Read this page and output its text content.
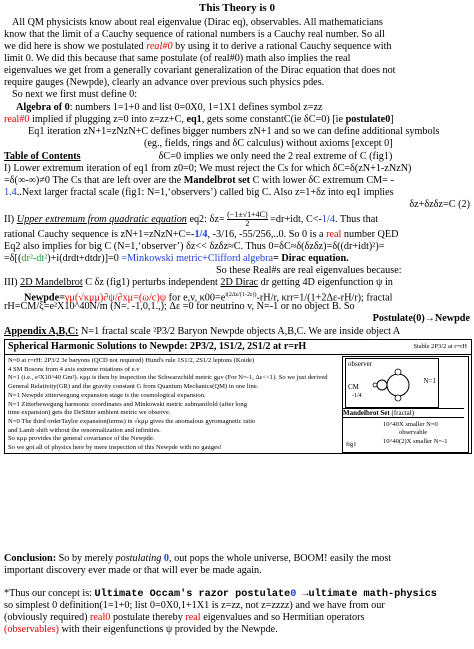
This Theory is 0
All QM physicists know about real eigenvalue (Dirac eq), observables. All mathematicians
know that the limit of a Cauchy sequence of rational numbers is a Cauchy real number. So all
we did here is show we postulated real#0 by using it to derive a rational Cauchy sequence with
limit 0. We did this because that same postulate (of real#0) math also implies the real
eigenvalues we get from a generally covariant generalization of the Dirac equation that does not
require gauges (Newpde), clearly an advance over previous such physics pdes.
So next we first must define 0:
Algebra of 0: numbers 1=1+0 and list 0=0X0, 1=1X1 defines symbol z=zz
real#0 implied if plugging z=0 into z=zz+C, eq1, gets some constantC(ie δC=0) [ie postulate0]
Eq1 iteration zN+1=zNzN+C defines bigger numbers zN+1 and so we can define additional symbols
(eg., fields, rings and δC calculus) without axioms [except 0]
Table of Contents	δC=0 implies we only need the 2 real extreme of C (fig1)
I) Lower extremum iteration of eq1 from z0=0; We must reject the Cs for which δC=δ(zN+1-zNzN)
=δ(∞-∞)≠0 The Cs that are left over are the Mandelbrot set C with lower δC extremum CM= -
1.4..Next larger fractal scale (fig1: N=1,‘observers’) called big C. Also z=1+δz into eq1 implies
δz+δzδz=C (2)
II) Upper extremum from quadratic equation eq2: $\delta z= \frac{(-1\pm√1+4C)}{2} =dr+idt$, C<-1/4. Thus that
rational Cauchy sequence is zN+1=zNzN+C=-1/4, -3/16, -55/256,..0. So 0 is a real number QED
Eq2 also implies for big C (N=1,‘observer’) δz<< δzδz≈C. Thus 0=δC≈δ(δzδz)=δ((dr+idt)²)=
=δ[(dr²-dt²)+i(drdt+dtdr)]=0 =Minkowski metric+Clifford algebra= Dirac equation.
So these Real#s are real eigenvalues because:
III) 2D Mandelbrot C δz (fig1) perturbs independent 2D Dirac dr getting 4D eigenfunction ψ in
Newpde=γμ(√κμμ)∂ψ/∂xμ=(ω/c)ψ for e,v, $\kappa 00=e^{i(2\Delta\varepsilon/(1-2\varepsilon))}-rH/r$, κrr=1/(1+2Δε-rH/r); fractal
rH=CM/ξ=e²X10^40N/m (N=. -1,0,1.,); Δε =0 for neutrino v, N=-1 or no object B. So
Postulate(0)→Newpde
Appendix A,B,C: N=1 fractal scale ²P3/2 Baryon Newpde objects A,B,C. We are inside object A
Spherical Harmonic Solutions to Newpde: 2P3/2, 1S1/2, 2S1/2 at r=rH	Stable 2P3/2 at r=rH
N=0 at r=rH: 2P3/2 3e baryons (QCD not required) Hund's rule 1S1/2, 2S1/2 leptons (Koide)
4 SM Bosons from 4 axis extreme rotations of e.v
N=1 (i.e., e²X10^40 Gm²). κμμ is then by inspection the Schwarzchild metric gμν (For N=-1, Δε<<1). So we just derived
General Relativity(GR) and the gravity constant G from Quantum Mechanics(QM) in one line.
N=1 Newpde zitterwegung expansion stage is the cosmological expansion.
N=1 Zitterbewegung harmonic coordinates and Minkowski metric submanifold (after long
time expansion) gets the DeSitter ambient metric we observe.
N=0 The third orderTaylor expansion(terms) in √κμμ gives the anomalous gyromagnetic ratio
and Lamb shift without the renormalization and infinities.
So κμμ provides the general covariance of the Newpde.
So we got all of physics here by mere inspection of this Newpde with no gauges!
observer
N=1
CM
-1/4
Mandelbrot Set (fractal)
10^40X smaller N=0
observable
10^40(2)X smaller N=-1
fig1
Conclusion: So by merely postulating 0, out pops the whole universe, BOOM! easily the most
important discovery ever made or that will ever be made again.
*Thus our concept is: Ultimate Occam's razor postulate0 →ultimate math-physics
so simplest 0 definition(1=1+0; list 0=0X0,1+1X1 is z=zz, not z=zzzz) and we have from our
(obviously required) real0 postulate thereby real eigenvalues and so Hermitian operators
(observables) with their eigenfunctions ψ provided by the Newpde.
